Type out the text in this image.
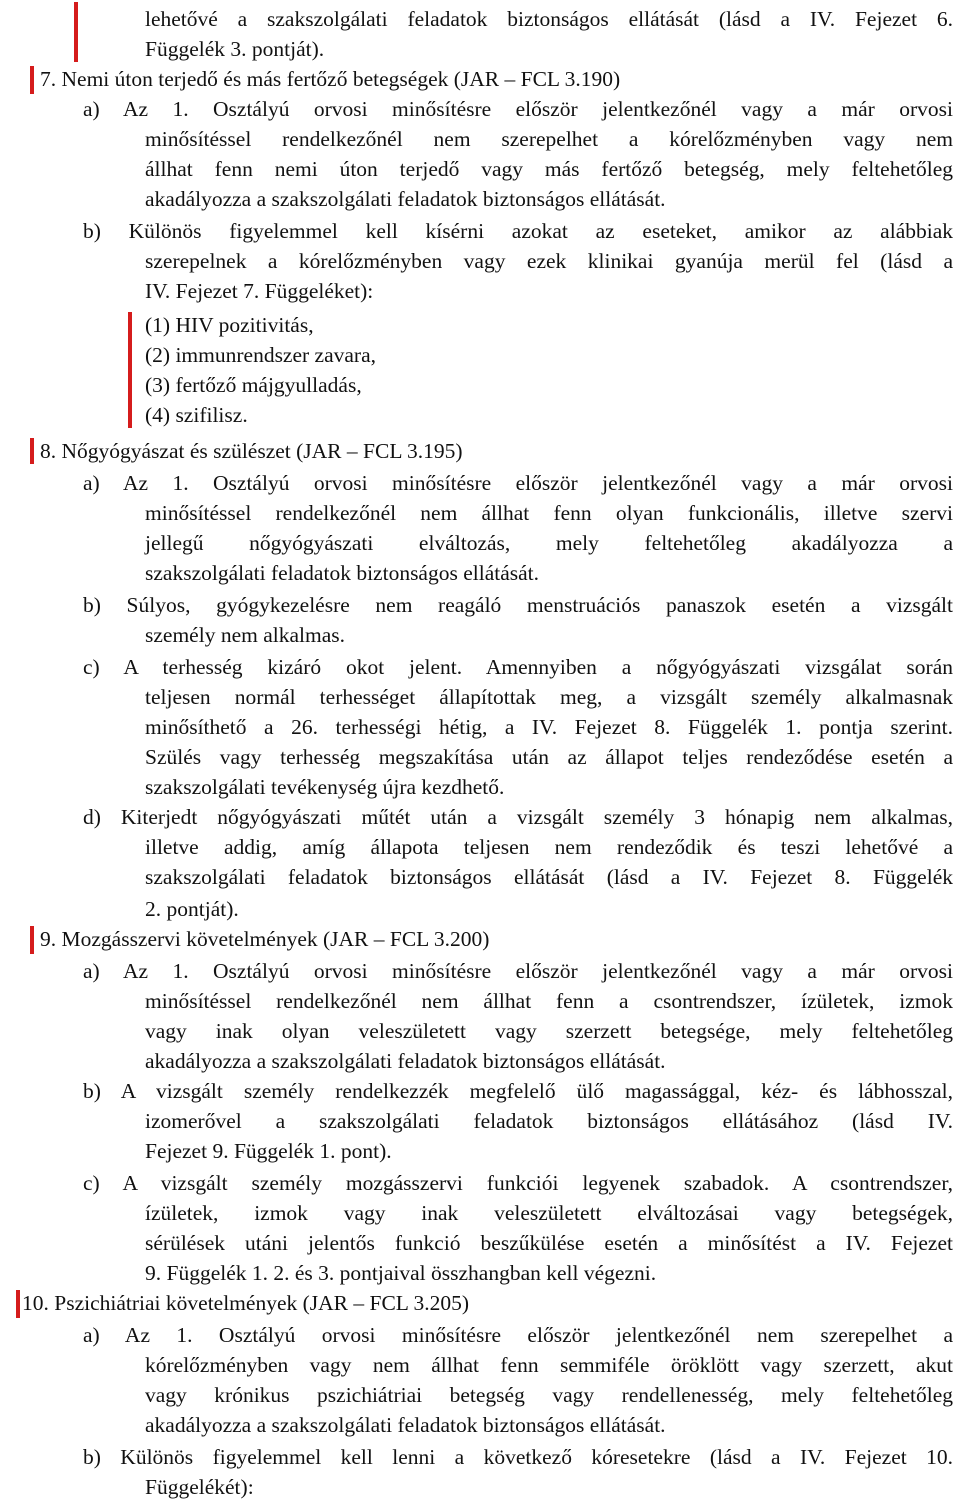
lehetővé a szakszolgálati feladatok biztonságos ellátását (lásd a IV. Fejezet 6.
Függelék 3. pontját).
7. Nemi úton terjedő és más fertőző betegségek (JAR – FCL 3.190)
a) Az 1. Osztályú orvosi minősítésre először jelentkezőnél vagy a már orvosi
minősítéssel rendelkezőnél nem szerepelhet a kórelőzményben vagy nem
állhat fenn nemi úton terjedő vagy más fertőző betegség, mely feltehetőleg
akadályozza a szakszolgálati feladatok biztonságos ellátását.
b) Különös figyelemmel kell kísérni azokat az eseteket, amikor az alábbiak
szerepelnek a kórelőzményben vagy ezek klinikai gyanúja merül fel (lásd a
IV. Fejezet 7. Függeléket):
(1) HIV pozitivitás,
(2) immunrendszer zavara,
(3) fertőző májgyulladás,
(4) szifilisz.
8. Nőgyógyászat és szülészet (JAR – FCL 3.195)
a) Az 1. Osztályú orvosi minősítésre először jelentkezőnél vagy a már orvosi
minősítéssel rendelkezőnél nem állhat fenn olyan funkcionális, illetve szervi
jellegű nőgyógyászati elváltozás, mely feltehetőleg akadályozza a
szakszolgálati feladatok biztonságos ellátását.
b) Súlyos, gyógykezelésre nem reagáló menstruációs panaszok esetén a vizsgált
személy nem alkalmas.
c) A terhesség kizáró okot jelent. Amennyiben a nőgyógyászati vizsgálat során
teljesen normál terhességet állapítottak meg, a vizsgált személy alkalmasnak
minősíthető a 26. terhességi hétig, a IV. Fejezet 8. Függelék 1. pontja szerint.
Szülés vagy terhesség megszakítása után az állapot teljes rendeződése esetén a
szakszolgálati tevékenység újra kezdhető.
d) Kiterjedt nőgyógyászati műtét után a vizsgált személy 3 hónapig nem alkalmas,
illetve addig, amíg állapota teljesen nem rendeződik és teszi lehetővé a
szakszolgálati feladatok biztonságos ellátását (lásd a IV. Fejezet 8. Függelék
2. pontját).
9. Mozgásszervi követelmények (JAR – FCL 3.200)
a) Az 1. Osztályú orvosi minősítésre először jelentkezőnél vagy a már orvosi
minősítéssel rendelkezőnél nem állhat fenn a csontrendszer, ízületek, izmok
vagy inak olyan veleszületett vagy szerzett betegsége, mely feltehetőleg
akadályozza a szakszolgálati feladatok biztonságos ellátását.
b) A vizsgált személy rendelkezzék megfelelő ülő magassággal, kéz- és lábhosszal,
izomerővel a szakszolgálati feladatok biztonságos ellátásához (lásd IV.
Fejezet 9. Függelék 1. pont).
c) A vizsgált személy mozgásszervi funkciói legyenek szabadok. A csontrendszer,
ízületek, izmok vagy inak veleszületett elváltozásai vagy betegségek,
sérülések utáni jelentős funkció beszűkülése esetén a minősítést a IV. Fejezet
9. Függelék 1. 2. és 3. pontjaival összhangban kell végezni.
10. Pszichiátriai követelmények (JAR – FCL 3.205)
a) Az 1. Osztályú orvosi minősítésre először jelentkezőnél nem szerepelhet a
kórelőzményben vagy nem állhat fenn semmiféle öröklött vagy szerzett, akut
vagy krónikus pszichiátriai betegség vagy rendellenesség, mely feltehetőleg
akadályozza a szakszolgálati feladatok biztonságos ellátását.
b) Különös figyelemmel kell lenni a következő kóresetekre (lásd a IV. Fejezet 10.
Függelékét):
